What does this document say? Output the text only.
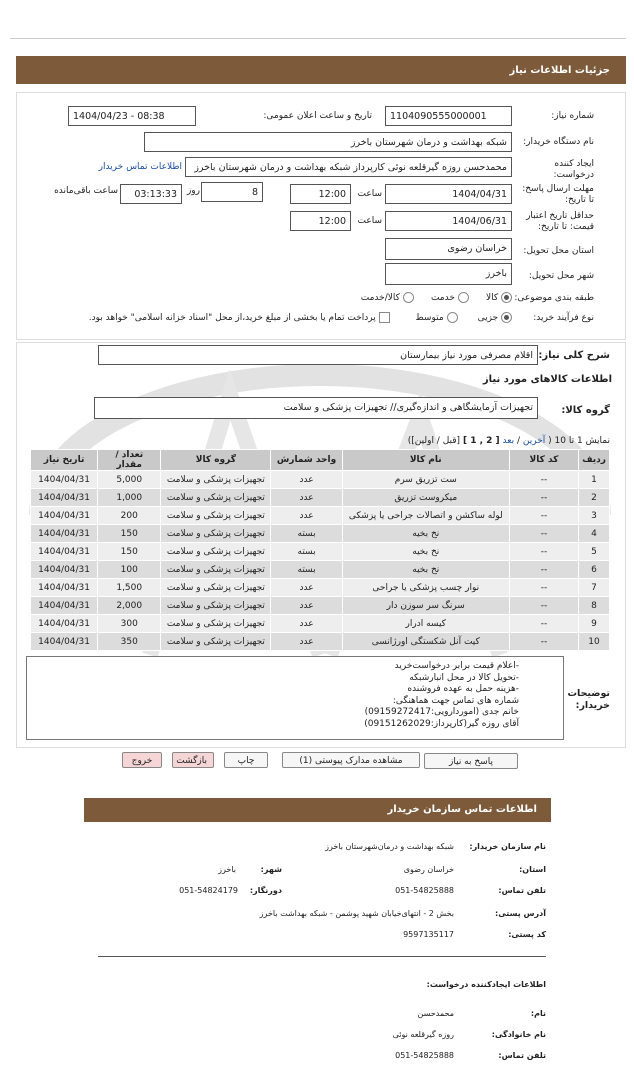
جزئیات اطلاعات نیاز
شماره نیاز:
1104090555000001
تاریخ و ساعت اعلان عمومی:
1404/04/23 - 08:38
نام دستگاه خریدار:
شبکه بهداشت و درمان شهرستان باخرز
ایجاد کننده درخواست:
محمدحسن روزه گیرقلعه نوئی کارپرداز شبکه بهداشت و درمان شهرستان باخرز
اطلاعات تماس خریدار
مهلت ارسال پاسخ: تا تاریخ:
1404/04/31
ساعت
12:00
8
روز
03:13:33
ساعت باقی‌مانده
حداقل تاریخ اعتبار قیمت: تا تاریخ:
1404/06/31
ساعت
12:00
استان محل تحویل:
خراسان رضوی
شهر محل تحویل:
باخرز
طبقه بندی موضوعی:
کالا       خدمت       کالا/خدمت
نوع فرآیند خرید:
جزیی        متوسط          پرداخت تمام یا بخشی از مبلغ خرید،از محل "اسناد خزانه اسلامی" خواهد بود.
شرح کلی نیاز:
اقلام مصرفی مورد نیاز بیمارستان
اطلاعات کالاهای مورد نیاز
گروه کالا:
تجهیزات آزمایشگاهی و اندازه‌گیری// تجهیزات پزشکی و سلامت
نمایش 1 تا 10 ( آخرین / بعد [ 2 , 1 ] [قبل / اولین])
ردیف	کد کالا	نام کالا	واحد شمارش	گروه کالا	تعداد / مقدار	تاریخ نیاز
1	--	ست تزریق سرم	عدد	تجهیزات پزشکی و سلامت	5,000	1404/04/31
2	--	میکروست تزریق	عدد	تجهیزات پزشکی و سلامت	1,000	1404/04/31
3	--	لوله ساکشن و اتصالات جراحی یا پزشکی	عدد	تجهیزات پزشکی و سلامت	200	1404/04/31
4	--	نخ بخیه	بسته	تجهیزات پزشکی و سلامت	150	1404/04/31
5	--	نخ بخیه	بسته	تجهیزات پزشکی و سلامت	150	1404/04/31
6	--	نخ بخیه	بسته	تجهیزات پزشکی و سلامت	100	1404/04/31
7	--	نوار چسب پزشکی یا جراحی	عدد	تجهیزات پزشکی و سلامت	1,500	1404/04/31
8	--	سرنگ سر سوزن دار	عدد	تجهیزات پزشکی و سلامت	2,000	1404/04/31
9	--	کیسه ادرار	عدد	تجهیزات پزشکی و سلامت	300	1404/04/31
10	--	کیت آنل شکستگی اورژانسی	عدد	تجهیزات پزشکی و سلامت	350	1404/04/31
توضیحات خریدار:
-اعلام قیمت برابر درخواست‌خرید
-تحویل کالا در محل انبارشبکه
-هزینه حمل به عهده فروشنده
شماره های تماس جهت هماهنگی:
خانم جدی (اموردارویی:09159272417)
آقای روزه گیر(کارپرداز:09151262029)
پاسخ به نیاز
مشاهده مدارک پیوستی (1)
چاپ
بازگشت
خروج
اطلاعات تماس سازمان خریدار
نام سازمان خریدار:
شبکه بهداشت و درمان‌شهرستان باخرز
استان:
خراسان رضوی
شهر:
باخرز
تلفن تماس:
051-54825888
دورنگار:
051-54824179
آدرس پستی:
بخش 2 - انتهای‌خیابان شهید پوشمن - شبکه بهداشت باخرز
کد پستی:
9597135117
اطلاعات ایجادکننده درخواست:
نام:
محمدحسن
نام خانوادگی:
روزه گیرقلعه نوئی
تلفن تماس:
051-54825888
